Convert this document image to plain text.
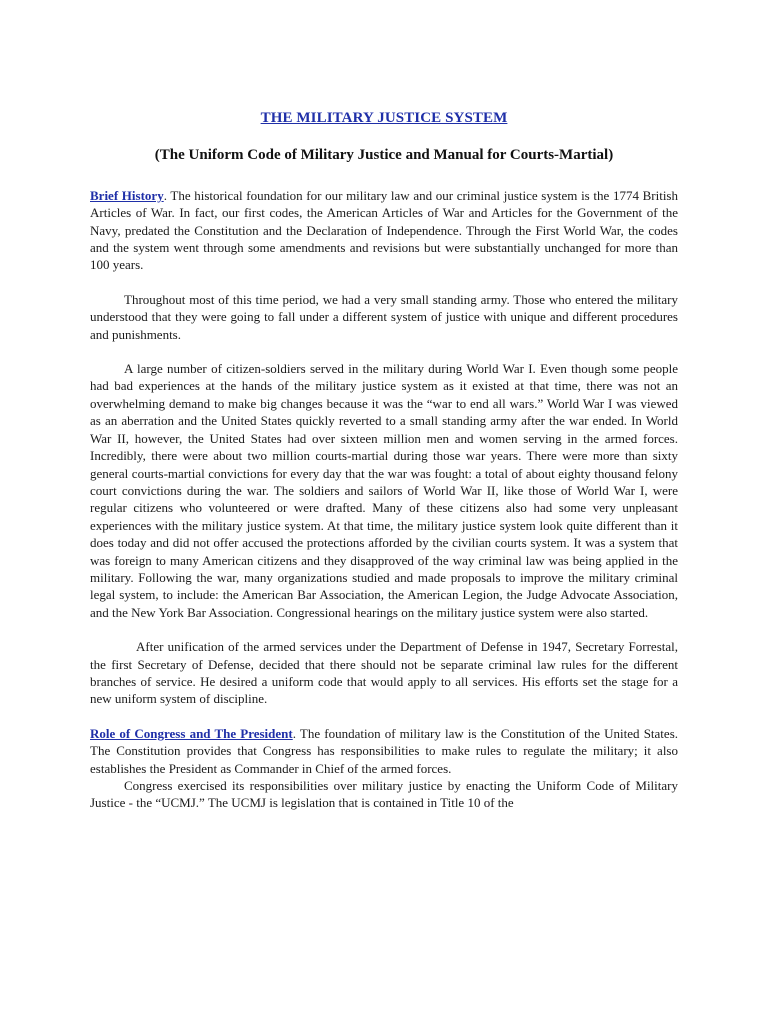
THE MILITARY JUSTICE SYSTEM
(The Uniform Code of Military Justice and Manual for Courts-Martial)

Brief History. The historical foundation for our military law and our criminal justice system is the 1774 British Articles of War. In fact, our first codes, the American Articles of War and Articles for the Government of the Navy, predated the Constitution and the Declaration of Independence. Through the First World War, the codes and the system went through some amendments and revisions but were substantially unchanged for more than 100 years.

Throughout most of this time period, we had a very small standing army. Those who entered the military understood that they were going to fall under a different system of justice with unique and different procedures and punishments.

A large number of citizen-soldiers served in the military during World War I. Even though some people had bad experiences at the hands of the military justice system as it existed at that time, there was not an overwhelming demand to make big changes because it was the “war to end all wars.” World War I was viewed as an aberration and the United States quickly reverted to a small standing army after the war ended. In World War II, however, the United States had over sixteen million men and women serving in the armed forces. Incredibly, there were about two million courts-martial during those war years. There were more than sixty general courts-martial convictions for every day that the war was fought: a total of about eighty thousand felony court convictions during the war. The soldiers and sailors of World War II, like those of World War I, were regular citizens who volunteered or were drafted. Many of these citizens also had some very unpleasant experiences with the military justice system. At that time, the military justice system look quite different than it does today and did not offer accused the protections afforded by the civilian courts system. It was a system that was foreign to many American citizens and they disapproved of the way criminal law was being applied in the military. Following the war, many organizations studied and made proposals to improve the military criminal legal system, to include: the American Bar Association, the American Legion, the Judge Advocate Association, and the New York Bar Association. Congressional hearings on the military justice system were also started.

After unification of the armed services under the Department of Defense in 1947, Secretary Forrestal, the first Secretary of Defense, decided that there should not be separate criminal law rules for the different branches of service. He desired a uniform code that would apply to all services. His efforts set the stage for a new uniform system of discipline.

Role of Congress and The President. The foundation of military law is the Constitution of the United States. The Constitution provides that Congress has responsibilities to make rules to regulate the military; it also establishes the President as Commander in Chief of the armed forces.

Congress exercised its responsibilities over military justice by enacting the Uniform Code of Military Justice - the “UCMJ.” The UCMJ is legislation that is contained in Title 10 of the
